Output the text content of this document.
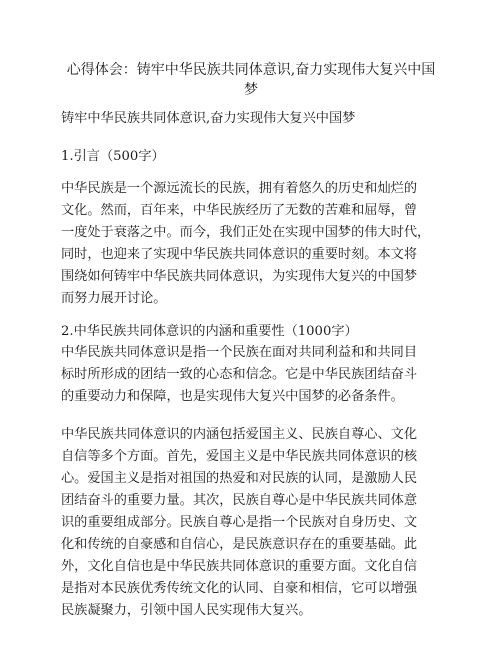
心得体会：铸牢中华民族共同体意识,奋力实现伟大复兴中国
梦
铸牢中华民族共同体意识,奋力实现伟大复兴中国梦
1.引言（500字）
中华民族是一个源远流长的民族，拥有着悠久的历史和灿烂的
文化。然而，百年来，中华民族经历了无数的苦难和屈辱，曾
一度处于衰落之中。而今，我们正处在实现中国梦的伟大时代，
同时，也迎来了实现中华民族共同体意识的重要时刻。本文将
围绕如何铸牢中华民族共同体意识，为实现伟大复兴的中国梦
而努力展开讨论。
2.中华民族共同体意识的内涵和重要性（1000字）
中华民族共同体意识是指一个民族在面对共同利益和和共同目
标时所形成的团结一致的心态和信念。它是中华民族团结奋斗
的重要动力和保障，也是实现伟大复兴中国梦的必备条件。
中华民族共同体意识的内涵包括爱国主义、民族自尊心、文化
自信等多个方面。首先，爱国主义是中华民族共同体意识的核
心。爱国主义是指对祖国的热爱和对民族的认同，是激励人民
团结奋斗的重要力量。其次，民族自尊心是中华民族共同体意
识的重要组成部分。民族自尊心是指一个民族对自身历史、文
化和传统的自豪感和自信心，是民族意识存在的重要基础。此
外，文化自信也是中华民族共同体意识的重要方面。文化自信
是指对本民族优秀传统文化的认同、自豪和相信，它可以增强
民族凝聚力，引领中国人民实现伟大复兴。
